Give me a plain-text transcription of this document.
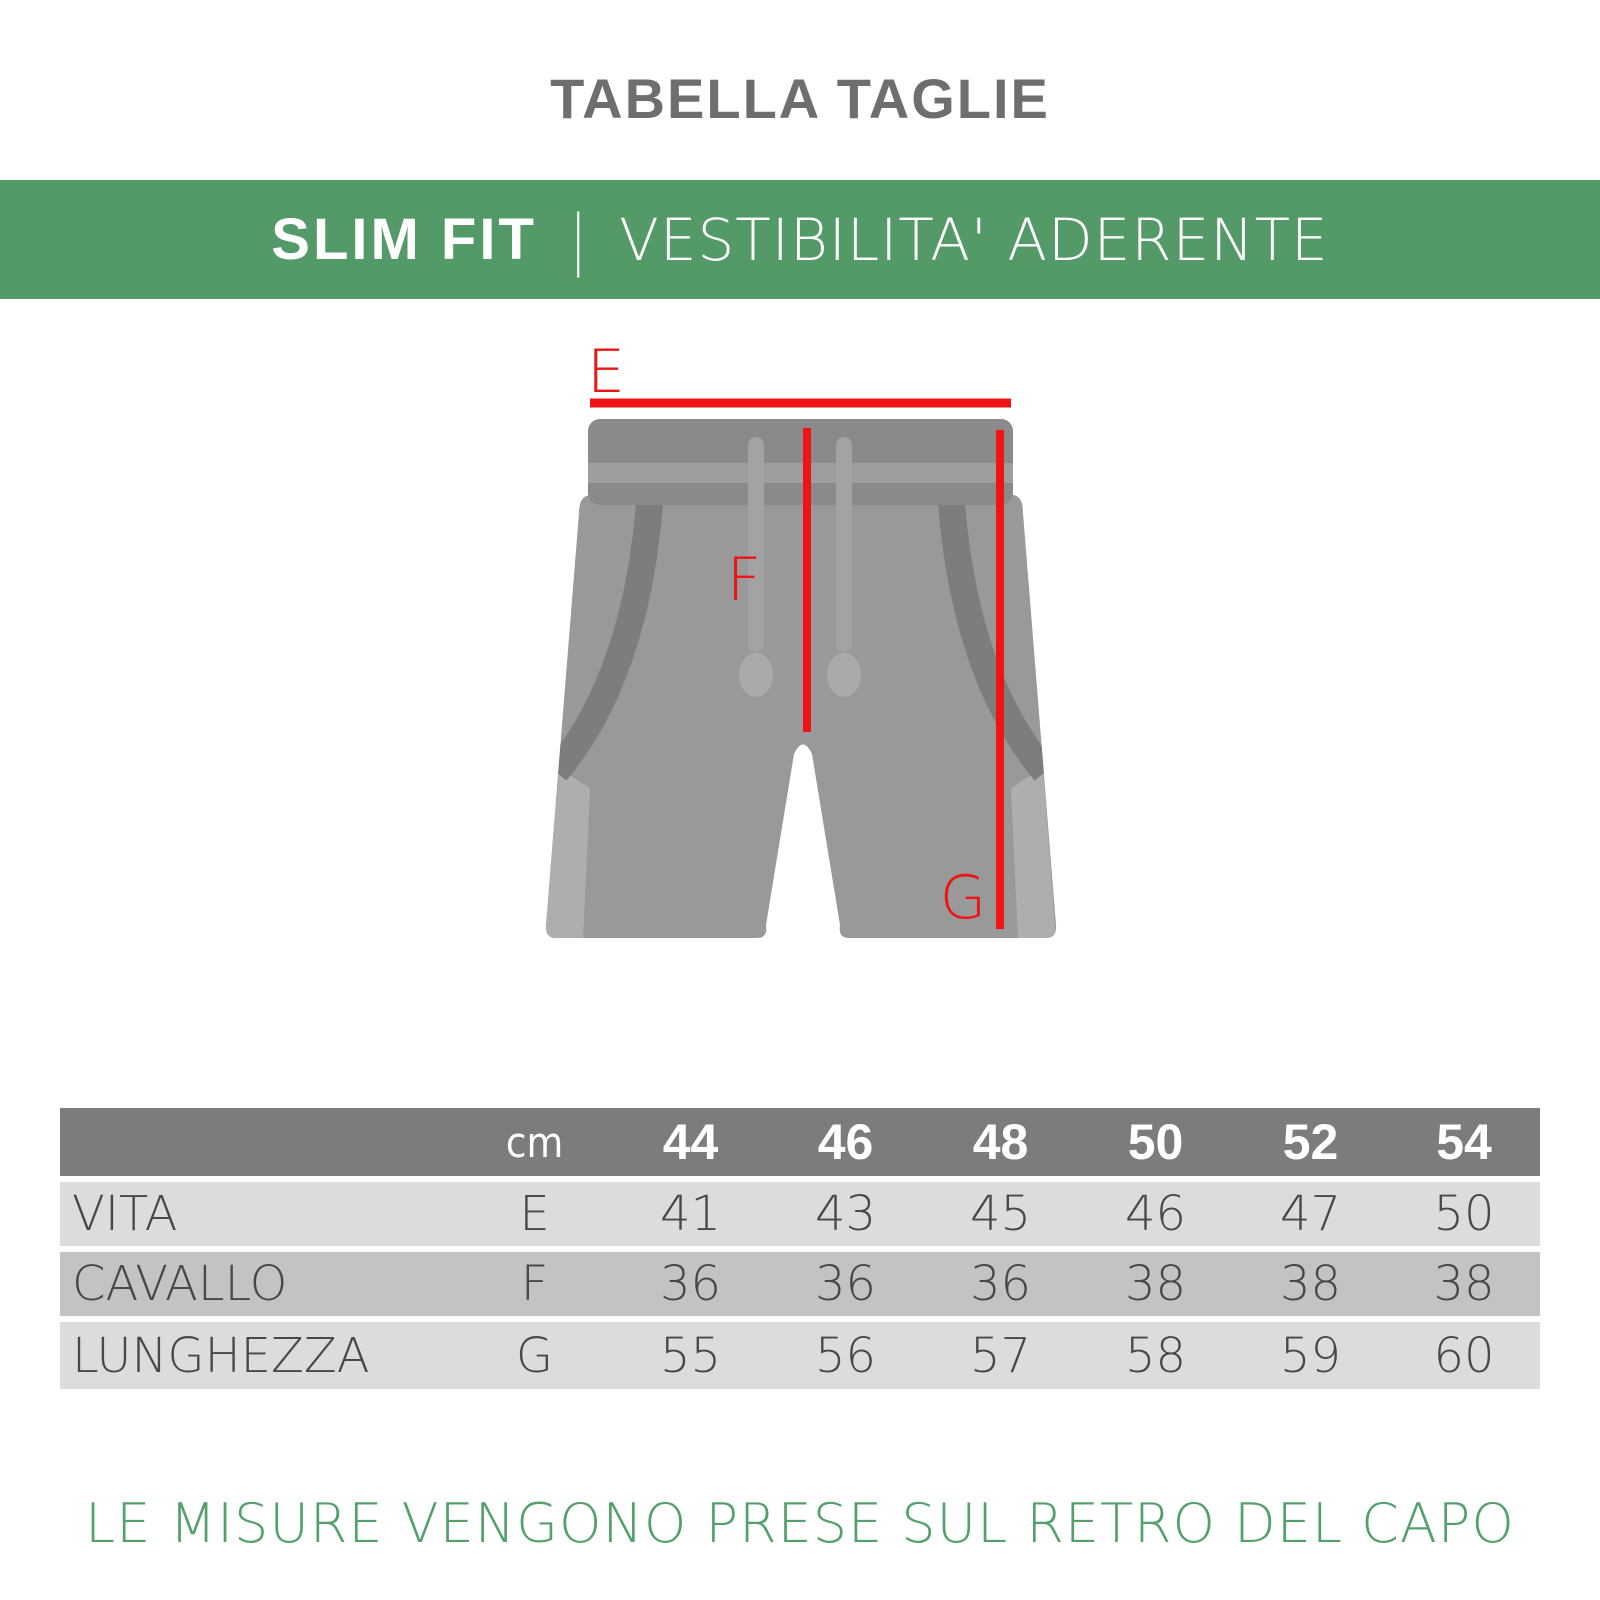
TABELLA TAGLIE
SLIM FIT | VESTIBILITA' ADERENTE
E
F
G
	cm	44	46	48	50	52	54
VITA	E	41	43	45	46	47	50
CAVALLO	F	36	36	36	38	38	38
LUNGHEZZA	G	55	56	57	58	59	60
LE MISURE VENGONO PRESE SUL RETRO DEL CAPO
